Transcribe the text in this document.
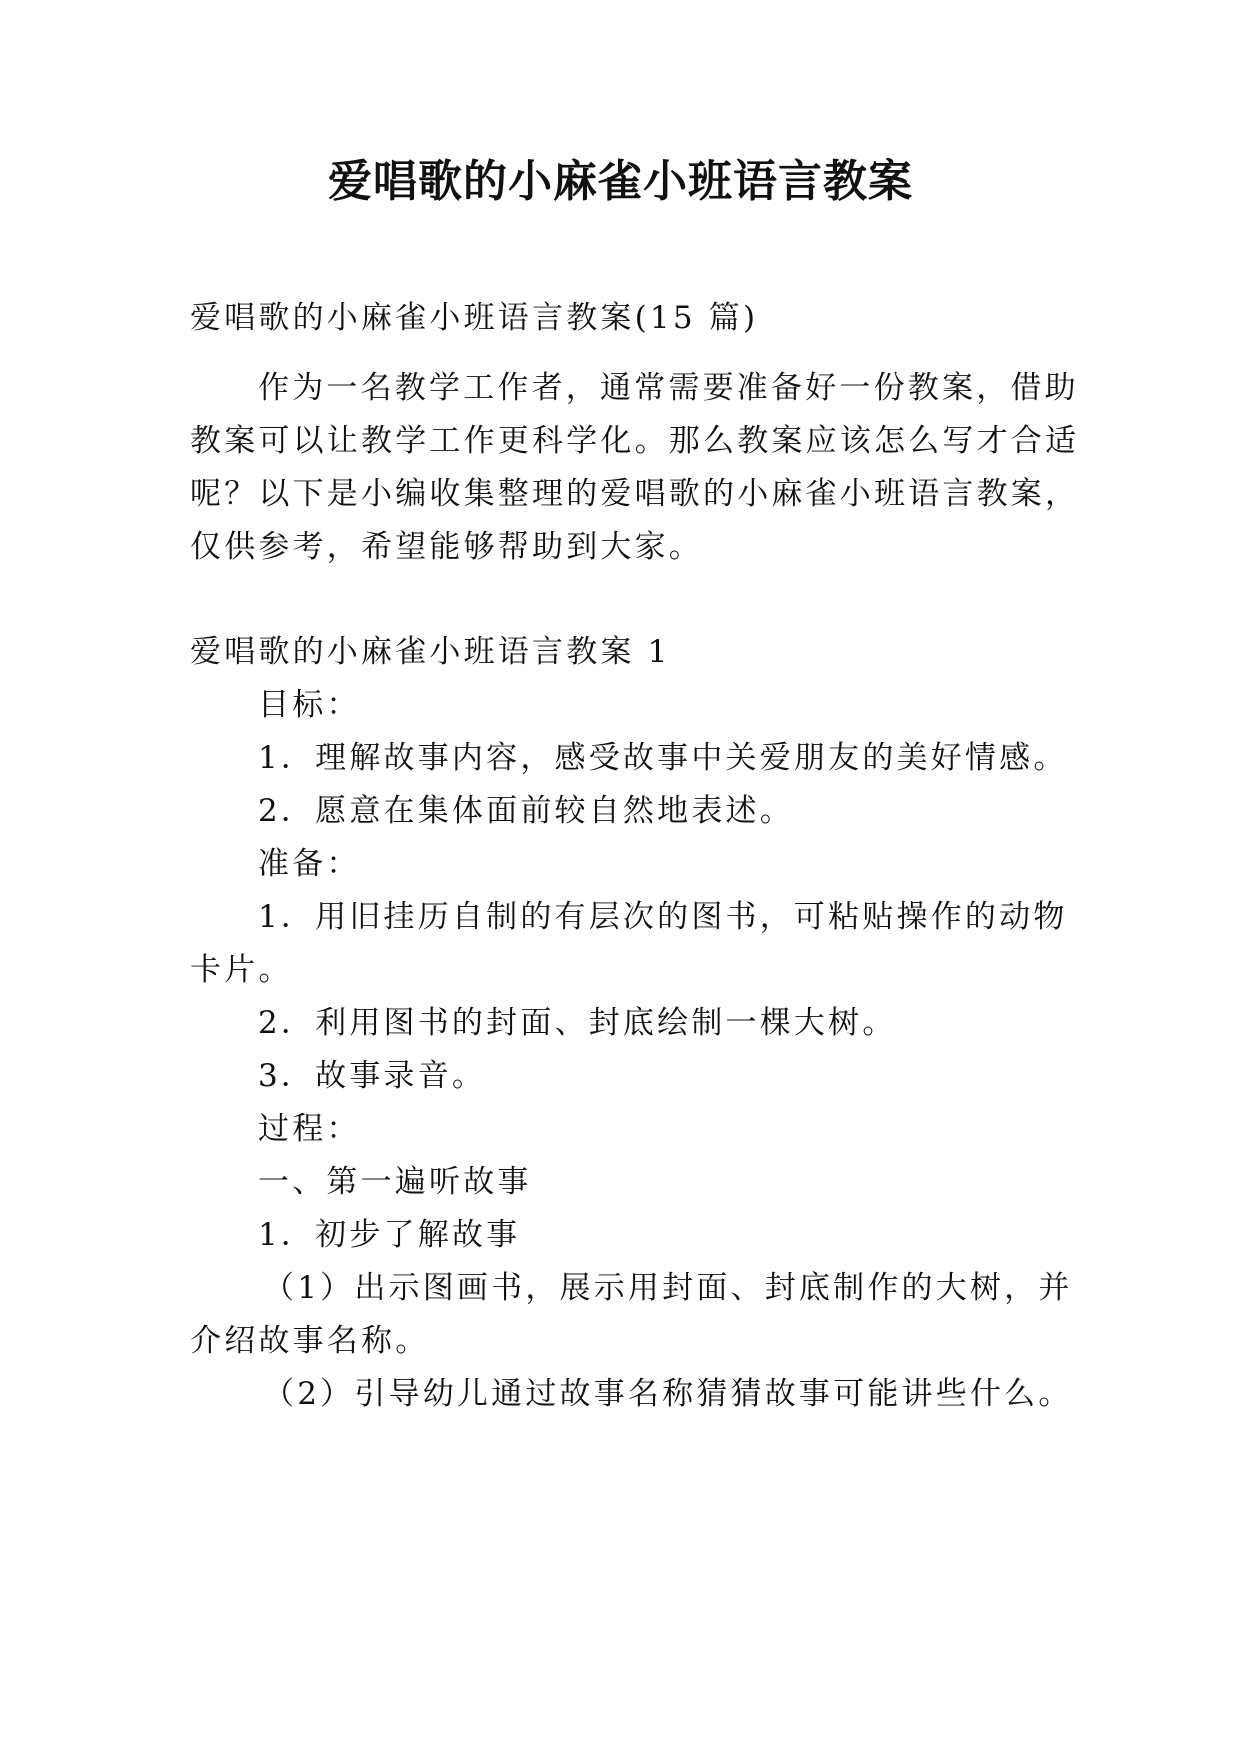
爱唱歌的小麻雀小班语言教案
爱唱歌的小麻雀小班语言教案(15 篇)
作为一名教学工作者，通常需要准备好一份教案，借助
教案可以让教学工作更科学化。那么教案应该怎么写才合适
呢？以下是小编收集整理的爱唱歌的小麻雀小班语言教案，
仅供参考，希望能够帮助到大家。
爱唱歌的小麻雀小班语言教案 1
目标：
1．理解故事内容，感受故事中关爱朋友的美好情感。
2．愿意在集体面前较自然地表述。
准备：
1．用旧挂历自制的有层次的图书，可粘贴操作的动物
卡片。
2．利用图书的封面、封底绘制一棵大树。
3．故事录音。
过程：
一、第一遍听故事
1．初步了解故事
（1）出示图画书，展示用封面、封底制作的大树，并
介绍故事名称。
（2）引导幼儿通过故事名称猜猜故事可能讲些什么。
